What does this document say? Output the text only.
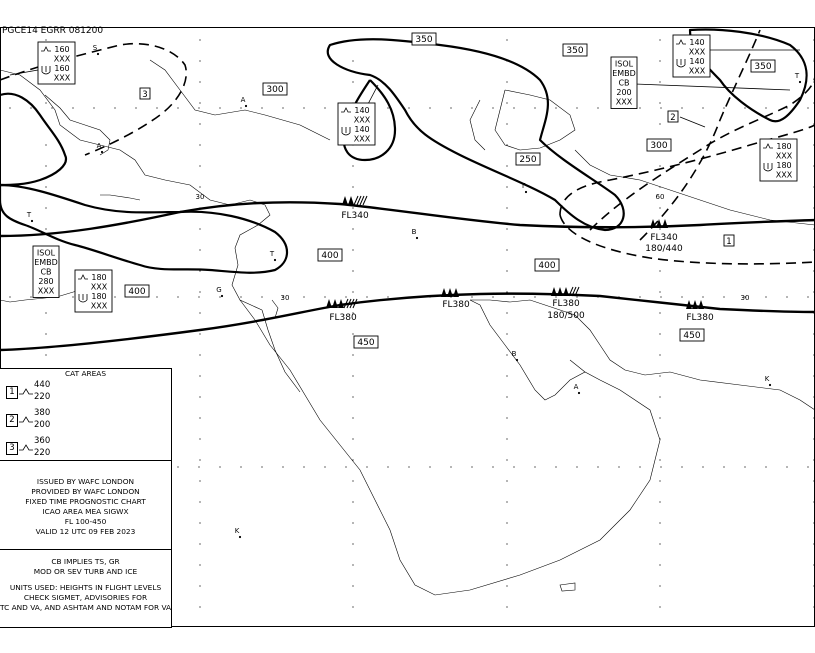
350
350
350
300
250
300
400
400
400
450
450
FL340
FL340
180/440
FL380
FL380	FL380
180/500	FL380
ISOL
EMBD
CB
200
XXX
ISOL
EMBD
CB
280
XXX
160
XXX
160
XXX
140
XXX
140
XXX
140
XXX
140
XXX
180
XXX
180
XXX
180
XXX
180
XXX
3
2
1
30
30	30
60
S
A
A
T
T
B
T
G
B
A
K
K
T
PGCE14 EGRR 081200
CAT AREAS
1
440
220
2
380
200
3
360
220
ISSUED BY WAFC LONDON
PROVIDED BY WAFC LONDON
FIXED TIME PROGNOSTIC CHART
ICAO AREA MEA SIGWX
FL 100-450
VALID 12 UTC 09 FEB 2023
CB IMPLIES TS, GR
MOD OR SEV TURB AND ICE
UNITS USED: HEIGHTS IN FLIGHT LEVELS
CHECK SIGMET, ADVISORIES FOR
TC AND VA, AND ASHTAM AND NOTAM FOR VA
